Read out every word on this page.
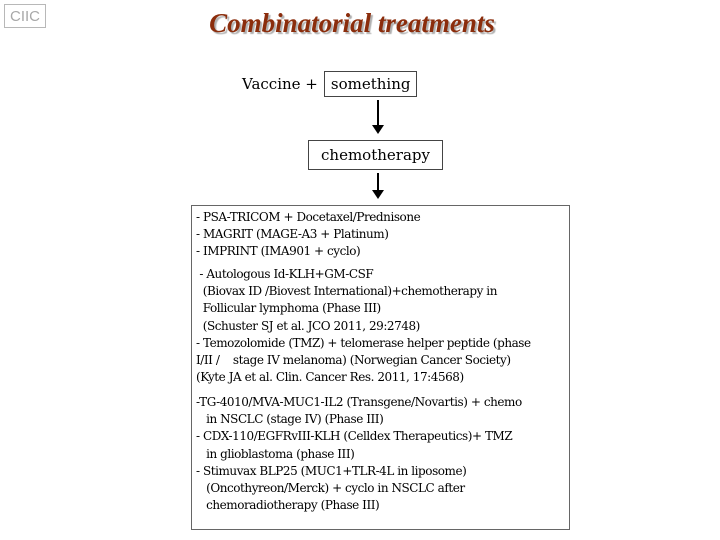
CIIC	Combinatorial treatments
Vaccine + something
chemotherapy
- PSA-TRICOM + Docetaxel/Prednisone
- MAGRIT (MAGE-A3 + Platinum)
- IMPRINT (IMA901 + cyclo)
- Autologous Id-KLH+GM-CSF
(Biovax ID /Biovest International)+chemotherapy in
Follicular lymphoma (Phase III)
(Schuster SJ et al. JCO 2011, 29:2748)
- Temozolomide (TMZ) + telomerase helper peptide (phase
I/II /    stage IV melanoma) (Norwegian Cancer Society)
(Kyte JA et al. Clin. Cancer Res. 2011, 17:4568)
-TG-4010/MVA-MUC1-IL2 (Transgene/Novartis) + chemo
in NSCLC (stage IV) (Phase III)
- CDX-110/EGFRvIII-KLH (Celldex Therapeutics)+ TMZ
in glioblastoma (phase III)
- Stimuvax BLP25 (MUC1+TLR-4L in liposome)
(Oncothyreon/Merck) + cyclo in NSCLC after
chemoradiotherapy (Phase III)
